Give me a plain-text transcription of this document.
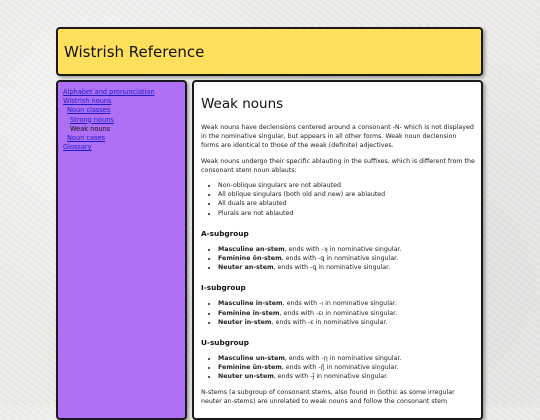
Wistrish Reference
Alphabet and pronunciation
Wistrish nouns
Noun classes
Strong nouns
Weak nouns
Noun cases
Glossary
Weak nouns

Weak nouns have declensions centered around a consonant -N- which is not displayed in the nominative singular, but appears in all other forms. Weak noun declension forms are identical to those of the weak (definite) adjectives.

Weak nouns undergo their specific ablauting in the suffixes, which is different from the consonant stem noun ablauts:

• Non-oblique singulars are not ablauted
• All oblique singulars (both old and new) are ablauted
• All duals are ablauted
• Plurals are not ablauted
A-subgroup
• Masculine an-stem, ends with -ʞ in nominative singular.
• Feminine ōn-stem, ends with -ꝗ in nominative singular.
• Neuter an-stem, ends with -ꝗ in nominative singular.
I-subgroup
• Masculine in-stem, ends with -ı in nominative singular.
• Feminine īn-stem, ends with -ɛı in nominative singular.
• Neuter in-stem, ends with -ɛ in nominative singular.
U-subgroup
• Masculine un-stem, ends with -ῃ in nominative singular.
• Feminine ūn-stem, ends with -ῃ̂ in nominative singular.
• Neuter un-stem, ends with -ɉ̂ in nominative singular.

N-stems (a subgroup of consonant stems, also found in Gothic as some irregular neuter an-stems) are unrelated to weak nouns and follow the consonant stem
